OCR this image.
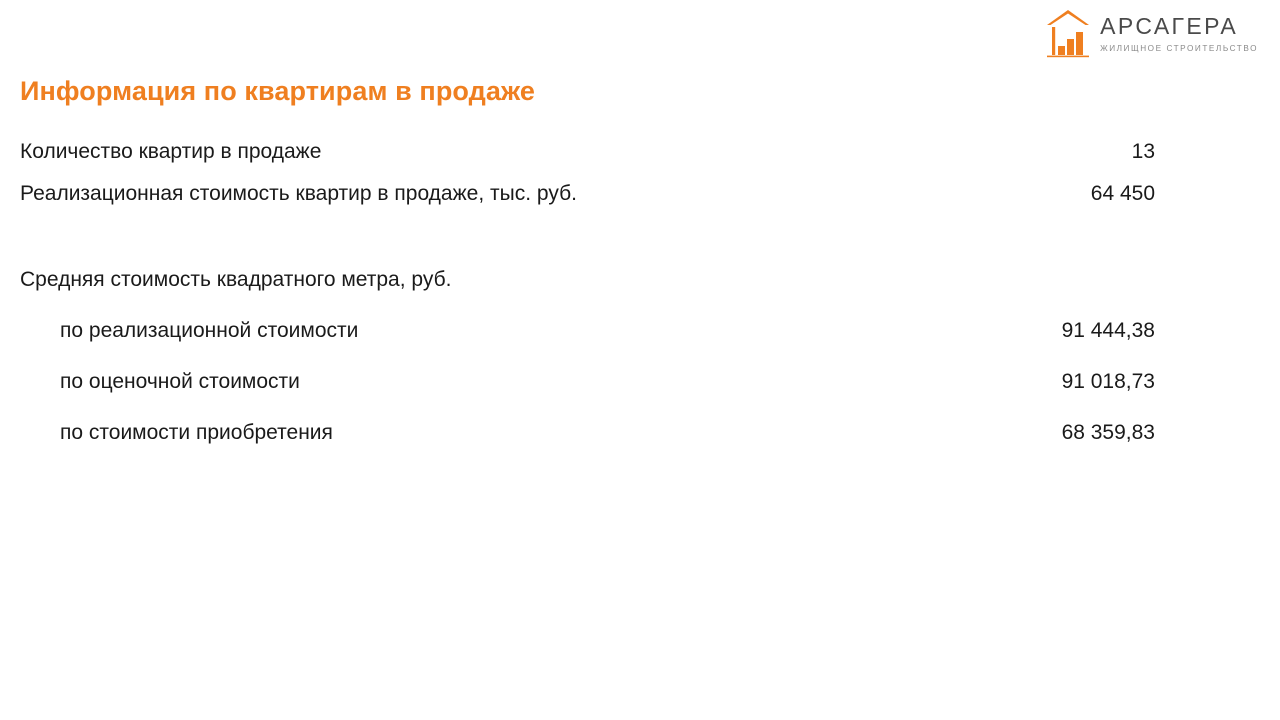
АРСАГЕРА
ЖИЛИЩНОЕ СТРОИТЕЛЬСТВО
Информация по квартирам в продаже
Количество квартир в продаже	13
Реализационная стоимость квартир в продаже, тыс. руб.	64 450
Средняя стоимость квадратного метра, руб.
по реализационной стоимости	91 444,38
по оценочной стоимости	91 018,73
по стоимости приобретения	68 359,83
